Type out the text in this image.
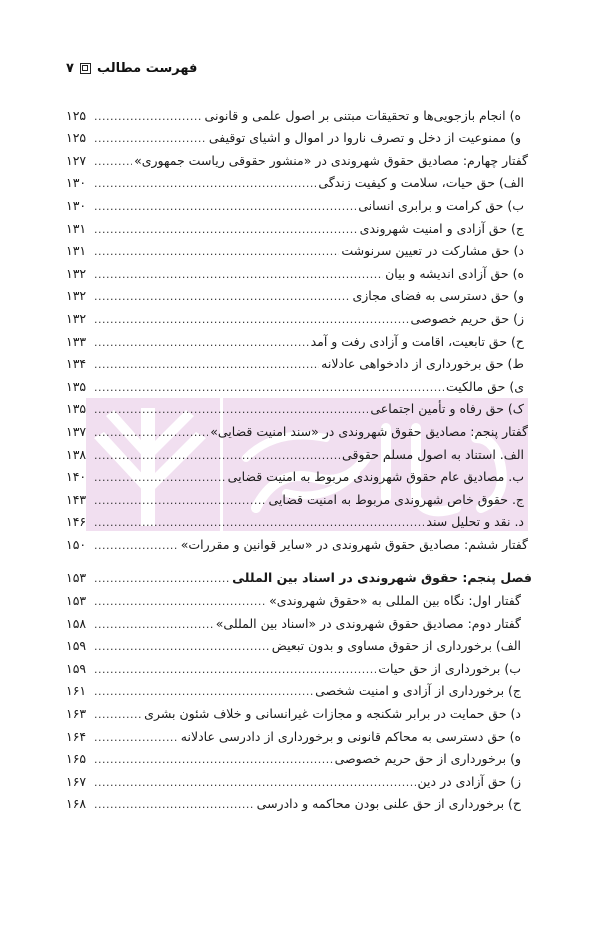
فهرست مطالب
۷
ه) انجام بازجویی‌ها و تحقیقات مبتنی بر اصول علمی و قانونی
.....
۱۲۵
و) ممنوعیت از دخل و تصرف ناروا در اموال و اشیای توقیفی
.....
۱۲۵
گفتار چهارم: مصادیق حقوق شهروندی در «منشور حقوقی ریاست جمهوری»
.....
۱۲۷
الف) حق حیات، سلامت و کیفیت زندگی
.....
۱۳۰
ب) حق کرامت و برابری انسانی
.....
۱۳۰
ج) حق آزادی و امنیت شهروندی
.....
۱۳۱
د) حق مشارکت در تعیین سرنوشت
.....
۱۳۱
ه) حق آزادی اندیشه و بیان
.....
۱۳۲
و) حق دسترسی به فضای مجازی
.....
۱۳۲
ز) حق حریم خصوصی
.....
۱۳۲
ح) حق تابعیت، اقامت و آزادی رفت و آمد
.....
۱۳۳
ط) حق برخورداری از دادخواهی عادلانه
.....
۱۳۴
ی) حق مالکیت
.....
۱۳۵
ک) حق رفاه و تأمین اجتماعی
.....
۱۳۵
گفتار پنجم: مصادیق حقوق شهروندی در «سند امنیت قضایی»
.....
۱۳۷
الف. استناد به اصول مسلم حقوقی
.....
۱۳۸
ب. مصادیق عام حقوق شهروندی مربوط به امنیت قضایی
.....
۱۴۰
ج. حقوق خاص شهروندی مربوط به امنیت قضایی
.....
۱۴۳
د. نقد و تحلیل سند
.....
۱۴۶
گفتار ششم: مصادیق حقوق شهروندی در «سایر قوانین و مقررات»
.....
۱۵۰
فصل پنجم: حقوق شهروندی در اسناد بین المللی
.....
۱۵۳
گفتار اول: نگاه بین المللی به «حقوق شهروندی»
.....
۱۵۳
گفتار دوم: مصادیق حقوق شهروندی در «اسناد بین المللی»
.....
۱۵۸
الف) برخورداری از حقوق مساوی و بدون تبعیض
.....
۱۵۹
ب) برخورداری از حق حیات
.....
۱۵۹
ج) برخورداری از آزادی و امنیت شخصی
.....
۱۶۱
د) حق حمایت در برابر شکنجه و مجازات غیرانسانی و خلاف شئون بشری
.....
۱۶۳
ه) حق دسترسی به محاکم قانونی و برخورداری از دادرسی عادلانه
.....
۱۶۴
و) برخورداری از حق حریم خصوصی
.....
۱۶۵
ز) حق آزادی در دین
.....
۱۶۷
ح) برخورداری از حق علنی بودن محاکمه و دادرسی
.....
۱۶۸
